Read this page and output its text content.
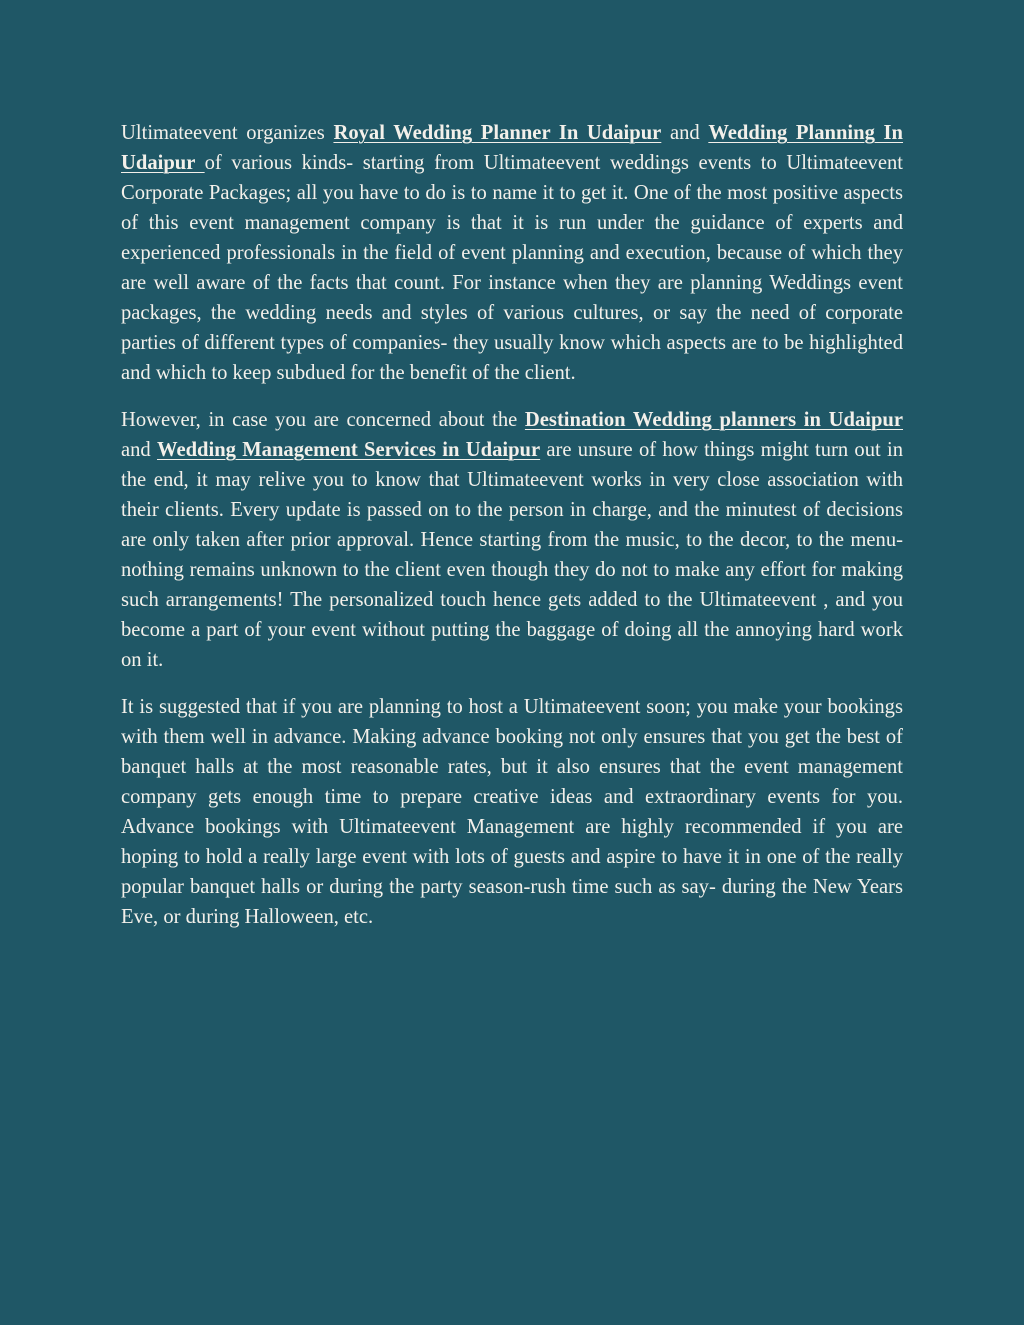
Ultimateevent organizes Royal Wedding Planner In Udaipur and Wedding Planning In Udaipur of various kinds- starting from Ultimateevent weddings events to Ultimateevent Corporate Packages; all you have to do is to name it to get it. One of the most positive aspects of this event management company is that it is run under the guidance of experts and experienced professionals in the field of event planning and execution, because of which they are well aware of the facts that count. For instance when they are planning Weddings event packages, the wedding needs and styles of various cultures, or say the need of corporate parties of different types of companies- they usually know which aspects are to be highlighted and which to keep subdued for the benefit of the client.

However, in case you are concerned about the Destination Wedding planners in Udaipur and Wedding Management Services in Udaipur are unsure of how things might turn out in the end, it may relive you to know that Ultimateevent works in very close association with their clients. Every update is passed on to the person in charge, and the minutest of decisions are only taken after prior approval. Hence starting from the music, to the decor, to the menu- nothing remains unknown to the client even though they do not to make any effort for making such arrangements! The personalized touch hence gets added to the Ultimateevent , and you become a part of your event without putting the baggage of doing all the annoying hard work on it.

It is suggested that if you are planning to host a Ultimateevent soon; you make your bookings with them well in advance. Making advance booking not only ensures that you get the best of banquet halls at the most reasonable rates, but it also ensures that the event management company gets enough time to prepare creative ideas and extraordinary events for you. Advance bookings with Ultimateevent Management are highly recommended if you are hoping to hold a really large event with lots of guests and aspire to have it in one of the really popular banquet halls or during the party season-rush time such as say- during the New Years Eve, or during Halloween, etc.
